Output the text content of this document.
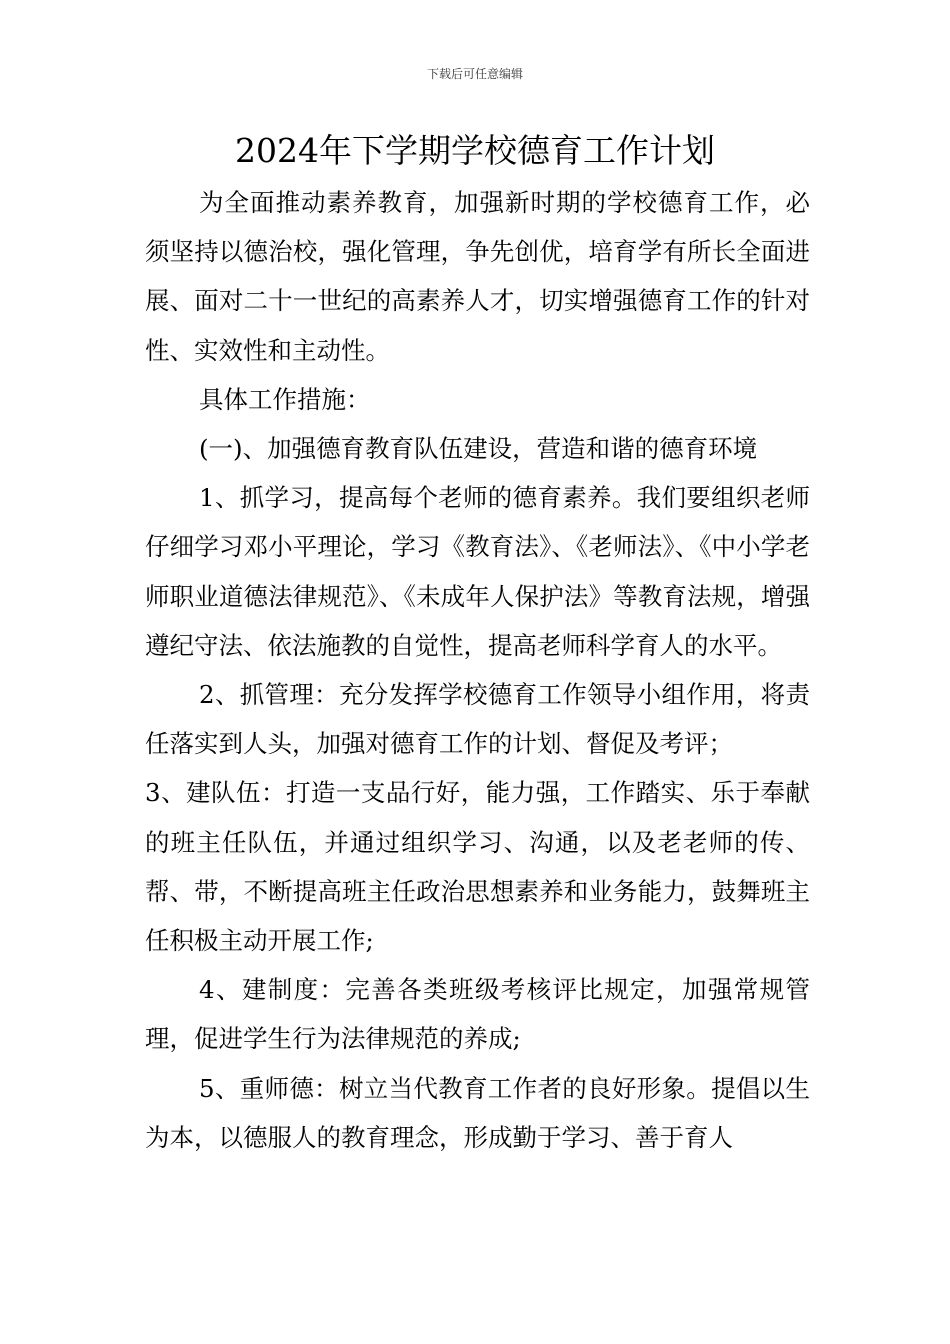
下载后可任意编辑
2024年下学期学校德育工作计划

为全面推动素养教育，加强新时期的学校德育工作，必须坚持以德治校，强化管理，争先创优，培育学有所长全面进展、面对二十一世纪的高素养人才，切实增强德育工作的针对性、实效性和主动性。

具体工作措施：

(一)、加强德育教育队伍建设，营造和谐的德育环境

1、抓学习，提高每个老师的德育素养。我们要组织老师仔细学习邓小平理论，学习《教育法》、《老师法》、《中小学老师职业道德法律规范》、《未成年人保护法》等教育法规，增强遵纪守法、依法施教的自觉性，提高老师科学育人的水平。

2、抓管理：充分发挥学校德育工作领导小组作用，将责任落实到人头，加强对德育工作的计划、督促及考评；

3、建队伍：打造一支品行好，能力强，工作踏实、乐于奉献的班主任队伍，并通过组织学习、沟通，以及老老师的传、帮、带，不断提高班主任政治思想素养和业务能力，鼓舞班主任积极主动开展工作;

4、建制度：完善各类班级考核评比规定，加强常规管理，促进学生行为法律规范的养成;

5、重师德：树立当代教育工作者的良好形象。提倡以生为本，以德服人的教育理念，形成勤于学习、善于育人
